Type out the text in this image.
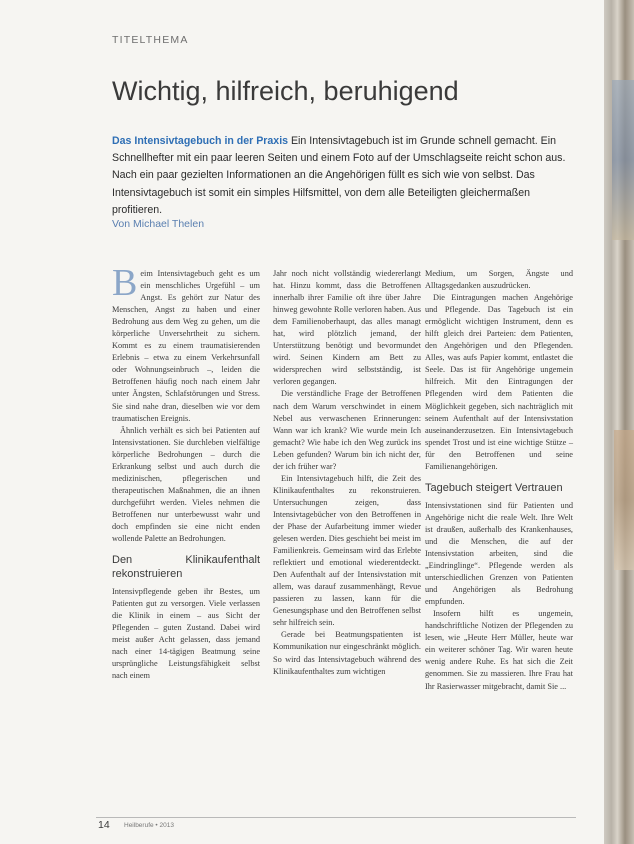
TITELTHEMA
Wichtig, hilfreich, beruhigend

Das Intensivtagebuch in der Praxis Ein Intensivtagebuch ist im Grunde schnell gemacht. Ein Schnellhefter mit ein paar leeren Seiten und einem Foto auf der Umschlagseite reicht schon aus. Nach ein paar gezielten Informationen an die Angehörigen füllt es sich wie von selbst. Das Intensivtagebuch ist somit ein simples Hilfsmittel, von dem alle Beteiligten gleichermaßen profitieren.

Von Michael Thelen

Beim Intensivtagebuch geht es um ein menschliches Urgefühl – um Angst. Es gehört zur Natur des Menschen, Angst zu haben und einer Bedrohung aus dem Weg zu gehen, um die körperliche Unversehrtheit zu sichern. Kommt es zu einem traumatisierenden Erlebnis – etwa zu einem Verkehrsunfall oder Wohnungseinbruch –, leiden die Betroffenen häufig noch nach einem Jahr unter Ängsten, Schlafstörungen und Stress. Sie sind nahe dran, dieselben wie vor dem traumatischen Ereignis.

Ähnlich verhält es sich bei Patienten auf Intensivstationen. Sie durchleben vielfältige körperliche Bedrohungen – durch die Erkrankung selbst und auch durch die medizinischen, pflegerischen und therapeutischen Maßnahmen, die an ihnen durchgeführt werden. Vieles nehmen die Betroffenen nur unterbewusst wahr und doch empfinden sie eine nicht enden wollende Palette an Bedrohungen.

Den Klinikaufenthalt rekonstruieren

Intensivpflegende geben ihr Bestes, um Patienten gut zu versorgen. Viele verlassen die Klinik in einem – aus Sicht der Pflegenden – guten Zustand. Dabei wird meist außer Acht gelassen, dass jemand nach einer 14-tägigen Beatmung seine ursprüngliche Leistungsfähigkeit selbst nach einem

Jahr noch nicht vollständig wiedererlangt hat. Hinzu kommt, dass die Betroffenen innerhalb ihrer Familie oft ihre über Jahre hinweg gewohnte Rolle verloren haben. Aus dem Familienoberhaupt, das alles managt hat, wird plötzlich jemand, der Unterstützung benötigt und bevormundet wird. Seinen Kindern am Bett zu widersprechen wird selbstständig, ist verloren gegangen.

Die verständliche Frage der Betroffenen nach dem Warum verschwindet in einem Nebel aus verwaschenen Erinnerungen: Wann war ich krank? Wie wurde mein Ich gemacht? Wie habe ich den Weg zurück ins Leben gefunden? Warum bin ich nicht der, der ich früher war?

Ein Intensivtagebuch hilft, die Zeit des Klinikaufenthaltes zu rekonstruieren. Untersuchungen zeigen, dass Intensivtagebücher von den Betroffenen in der Phase der Aufarbeitung immer wieder gelesen werden. Dies geschieht bei meist im Familienkreis. Gemeinsam wird das Erlebte reflektiert und emotional wiederentdeckt. Den Aufenthalt auf der Intensivstation mit allem, was darauf zusammenhängt, Revue passieren zu lassen, kann für die Genesungsphase und den Betroffenen selbst sehr hilfreich sein.

Gerade bei Beatmungspatienten ist Kommunikation nur eingeschränkt möglich. So wird das Intensivtagebuch während des Klinikaufenthaltes zum wichtigen

Medium, um Sorgen, Ängste und Alltagsgedanken auszudrücken.

Die Eintragungen machen Angehörige und Pflegende. Das Tagebuch ist ein ermöglicht wichtigen Instrument, denn es hilft gleich drei Parteien: dem Patienten, den Angehörigen und den Pflegenden. Alles, was aufs Papier kommt, entlastet die Seele. Das ist für Angehörige ungemein hilfreich. Mit den Eintragungen der Pflegenden wird dem Patienten die Möglichkeit gegeben, sich nachträglich mit seinem Aufenthalt auf der Intensivstation auseinanderzusetzen. Ein Intensivtagebuch spendet Trost und ist eine wichtige Stütze – für den Betroffenen und seine Familienangehörigen.

Tagebuch steigert Vertrauen

Intensivstationen sind für Patienten und Angehörige nicht die reale Welt. Ihre Welt ist draußen, außerhalb des Krankenhauses, und die Menschen, die auf der Intensivstation arbeiten, sind die „Eindringlinge“. Pflegende werden als unterschiedlichen Grenzen von Patienten und Angehörigen als Bedrohung empfunden.

Insofern hilft es ungemein, handschriftliche Notizen der Pflegenden zu lesen, wie „Heute Herr Müller, heute war ein weiterer schöner Tag. Wir waren heute wenig andere Ruhe. Es hat sich die Zeit genommen. Sie zu massieren. Ihre Frau hat Ihr Rasierwasser mitgebracht, damit Sie ...

14 Heilberufe • 2013
